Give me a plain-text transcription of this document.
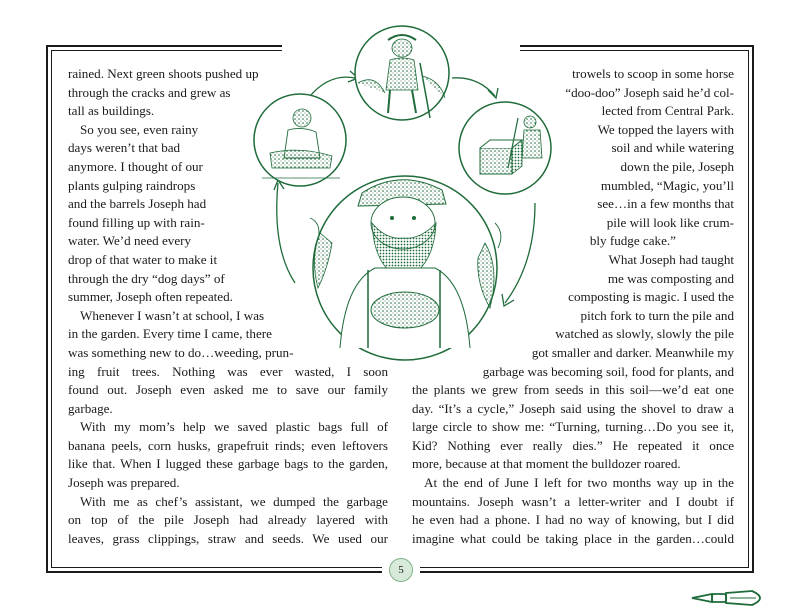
rained. Next green shoots pushed up
through the cracks and grew as
tall as buildings.
So you see, even rainy
days weren’t that bad
anymore. I thought of our
plants gulping raindrops
and the barrels Joseph had
found filling up with rain-
water. We’d need every
drop of that water to make it
through the dry “dog days” of
summer, Joseph often repeated.
Whenever I wasn’t at school, I was
in the garden. Every time I came, there
was something new to do…weeding, prun-
ing fruit trees. Nothing was ever wasted, I soon
found out. Joseph even asked me to save our family
garbage.
With my mom’s help we saved plastic bags full of
banana peels, corn husks, grapefruit rinds; even leftovers
like that. When I lugged these garbage bags to the garden,
Joseph was prepared.
With me as chef’s assistant, we dumped the garbage
on top of the pile Joseph had already layered with
leaves, grass clippings, straw and seeds. We used our
trowels to scoop in some horse
“doo-doo” Joseph said he’d col-
lected from Central Park.
We topped the layers with
soil and while watering
down the pile, Joseph
mumbled, “Magic, you’ll
see…in a few months that
pile will look like crum-
bly fudge cake.”
What Joseph had taught
me was composting and
composting is magic. I used the
pitch fork to turn the pile and
watched as slowly, slowly the pile
got smaller and darker. Meanwhile my
garbage was becoming soil, food for plants, and
the plants we grew from seeds in this soil—we’d eat one
day. “It’s a cycle,” Joseph said using the shovel to draw a
large circle to show me: “Turning, turning…Do you see it,
Kid? Nothing ever really dies.” He repeated it once
more, because at that moment the bulldozer roared.
At the end of June I left for two months way up in the
mountains. Joseph wasn’t a letter-writer and I doubt if
he even had a phone. I had no way of knowing, but I did
imagine what could be taking place in the garden…could
5
